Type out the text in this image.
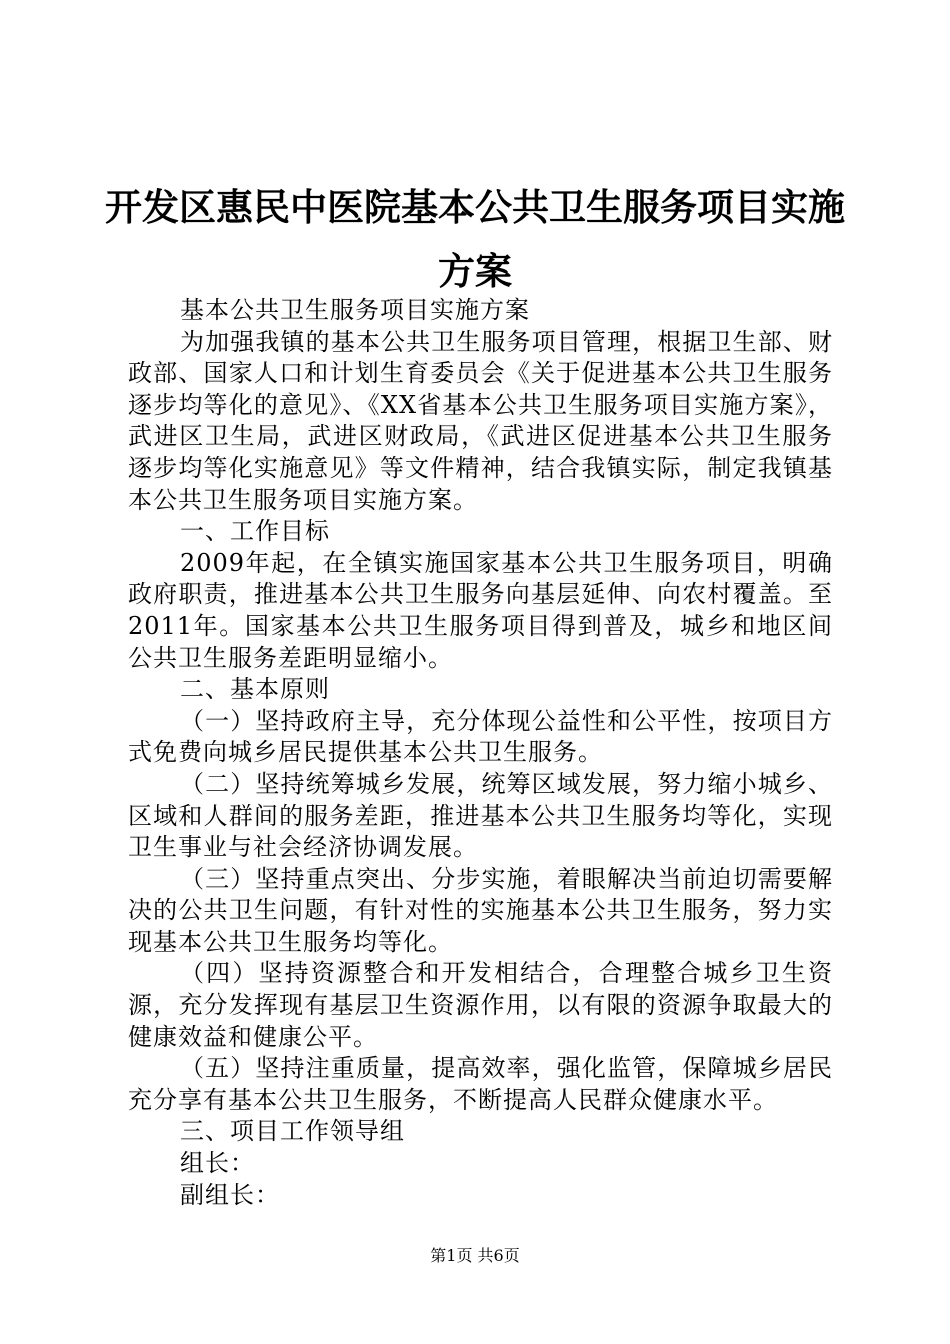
开发区惠民中医院基本公共卫生服务项目实施
方案

基本公共卫生服务项目实施方案

为加强我镇的基本公共卫生服务项目管理，根据卫生部、财政部、国家人口和计划生育委员会《关于促进基本公共卫生服务逐步均等化的意见》、《XX省基本公共卫生服务项目实施方案》，武进区卫生局，武进区财政局，《武进区促进基本公共卫生服务逐步均等化实施意见》等文件精神，结合我镇实际，制定我镇基本公共卫生服务项目实施方案。

一、工作目标

2009年起，在全镇实施国家基本公共卫生服务项目，明确政府职责，推进基本公共卫生服务向基层延伸、向农村覆盖。至2011年。国家基本公共卫生服务项目得到普及，城乡和地区间公共卫生服务差距明显缩小。

二、基本原则

（一）坚持政府主导，充分体现公益性和公平性，按项目方式免费向城乡居民提供基本公共卫生服务。

（二）坚持统筹城乡发展，统筹区域发展，努力缩小城乡、区域和人群间的服务差距，推进基本公共卫生服务均等化，实现卫生事业与社会经济协调发展。

（三）坚持重点突出、分步实施，着眼解决当前迫切需要解决的公共卫生问题，有针对性的实施基本公共卫生服务，努力实现基本公共卫生服务均等化。

（四）坚持资源整合和开发相结合，合理整合城乡卫生资源，充分发挥现有基层卫生资源作用，以有限的资源争取最大的健康效益和健康公平。

（五）坚持注重质量，提高效率，强化监管，保障城乡居民充分享有基本公共卫生服务，不断提高人民群众健康水平。

三、项目工作领导组

组长：

副组长：

第1页 共6页
